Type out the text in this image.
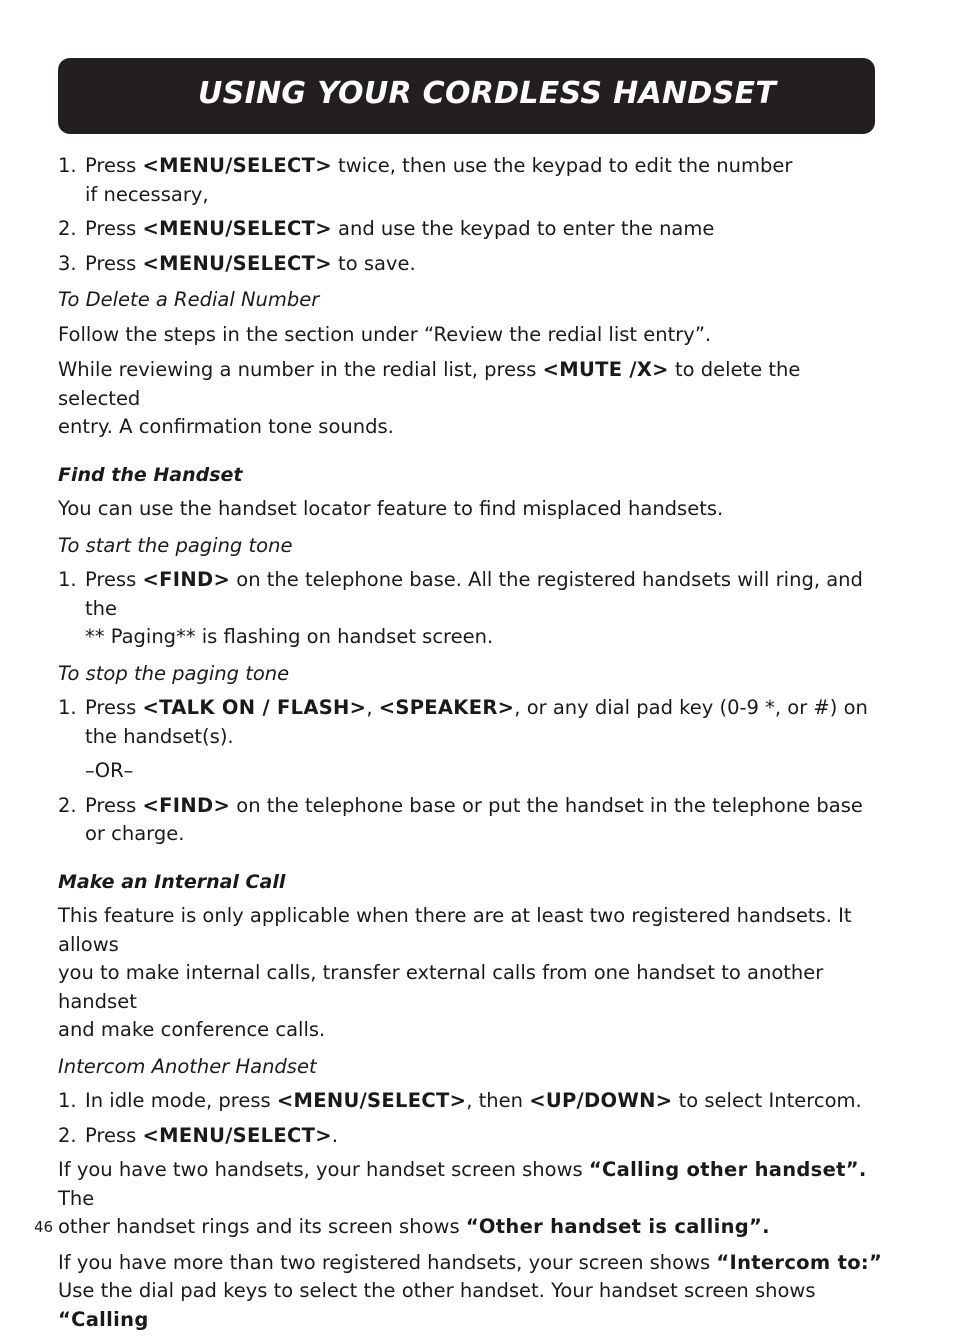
USING YOUR CORDLESS HANDSET
1. Press <MENU/SELECT> twice, then use the keypad to edit the number
if necessary,

2. Press <MENU/SELECT> and use the keypad to enter the name

3. Press <MENU/SELECT> to save.

To Delete a Redial Number

Follow the steps in the section under “Review the redial list entry”.

While reviewing a number in the redial list, press <MUTE /X> to delete the selected
entry. A confirmation tone sounds.

Find the Handset

You can use the handset locator feature to find misplaced handsets.

To start the paging tone

1. Press <FIND> on the telephone base. All the registered handsets will ring, and the
** Paging** is flashing on handset screen.

To stop the paging tone

1. Press <TALK ON / FLASH>, <SPEAKER>, or any dial pad key (0-9 *, or #) on
the handset(s).

–OR–

2. Press <FIND> on the telephone base or put the handset in the telephone base
or charge.

Make an Internal Call

This feature is only applicable when there are at least two registered handsets. It allows
you to make internal calls, transfer external calls from one handset to another handset
and make conference calls.

Intercom Another Handset

1. In idle mode, press <MENU/SELECT>, then <UP/DOWN> to select Intercom.

2. Press <MENU/SELECT>.

If you have two handsets, your handset screen shows “Calling other handset”. The
other handset rings and its screen shows “Other handset is calling”.

If you have more than two registered handsets, your screen shows “Intercom to:”
Use the dial pad keys to select the other handset. Your handset screen shows “Calling

46
